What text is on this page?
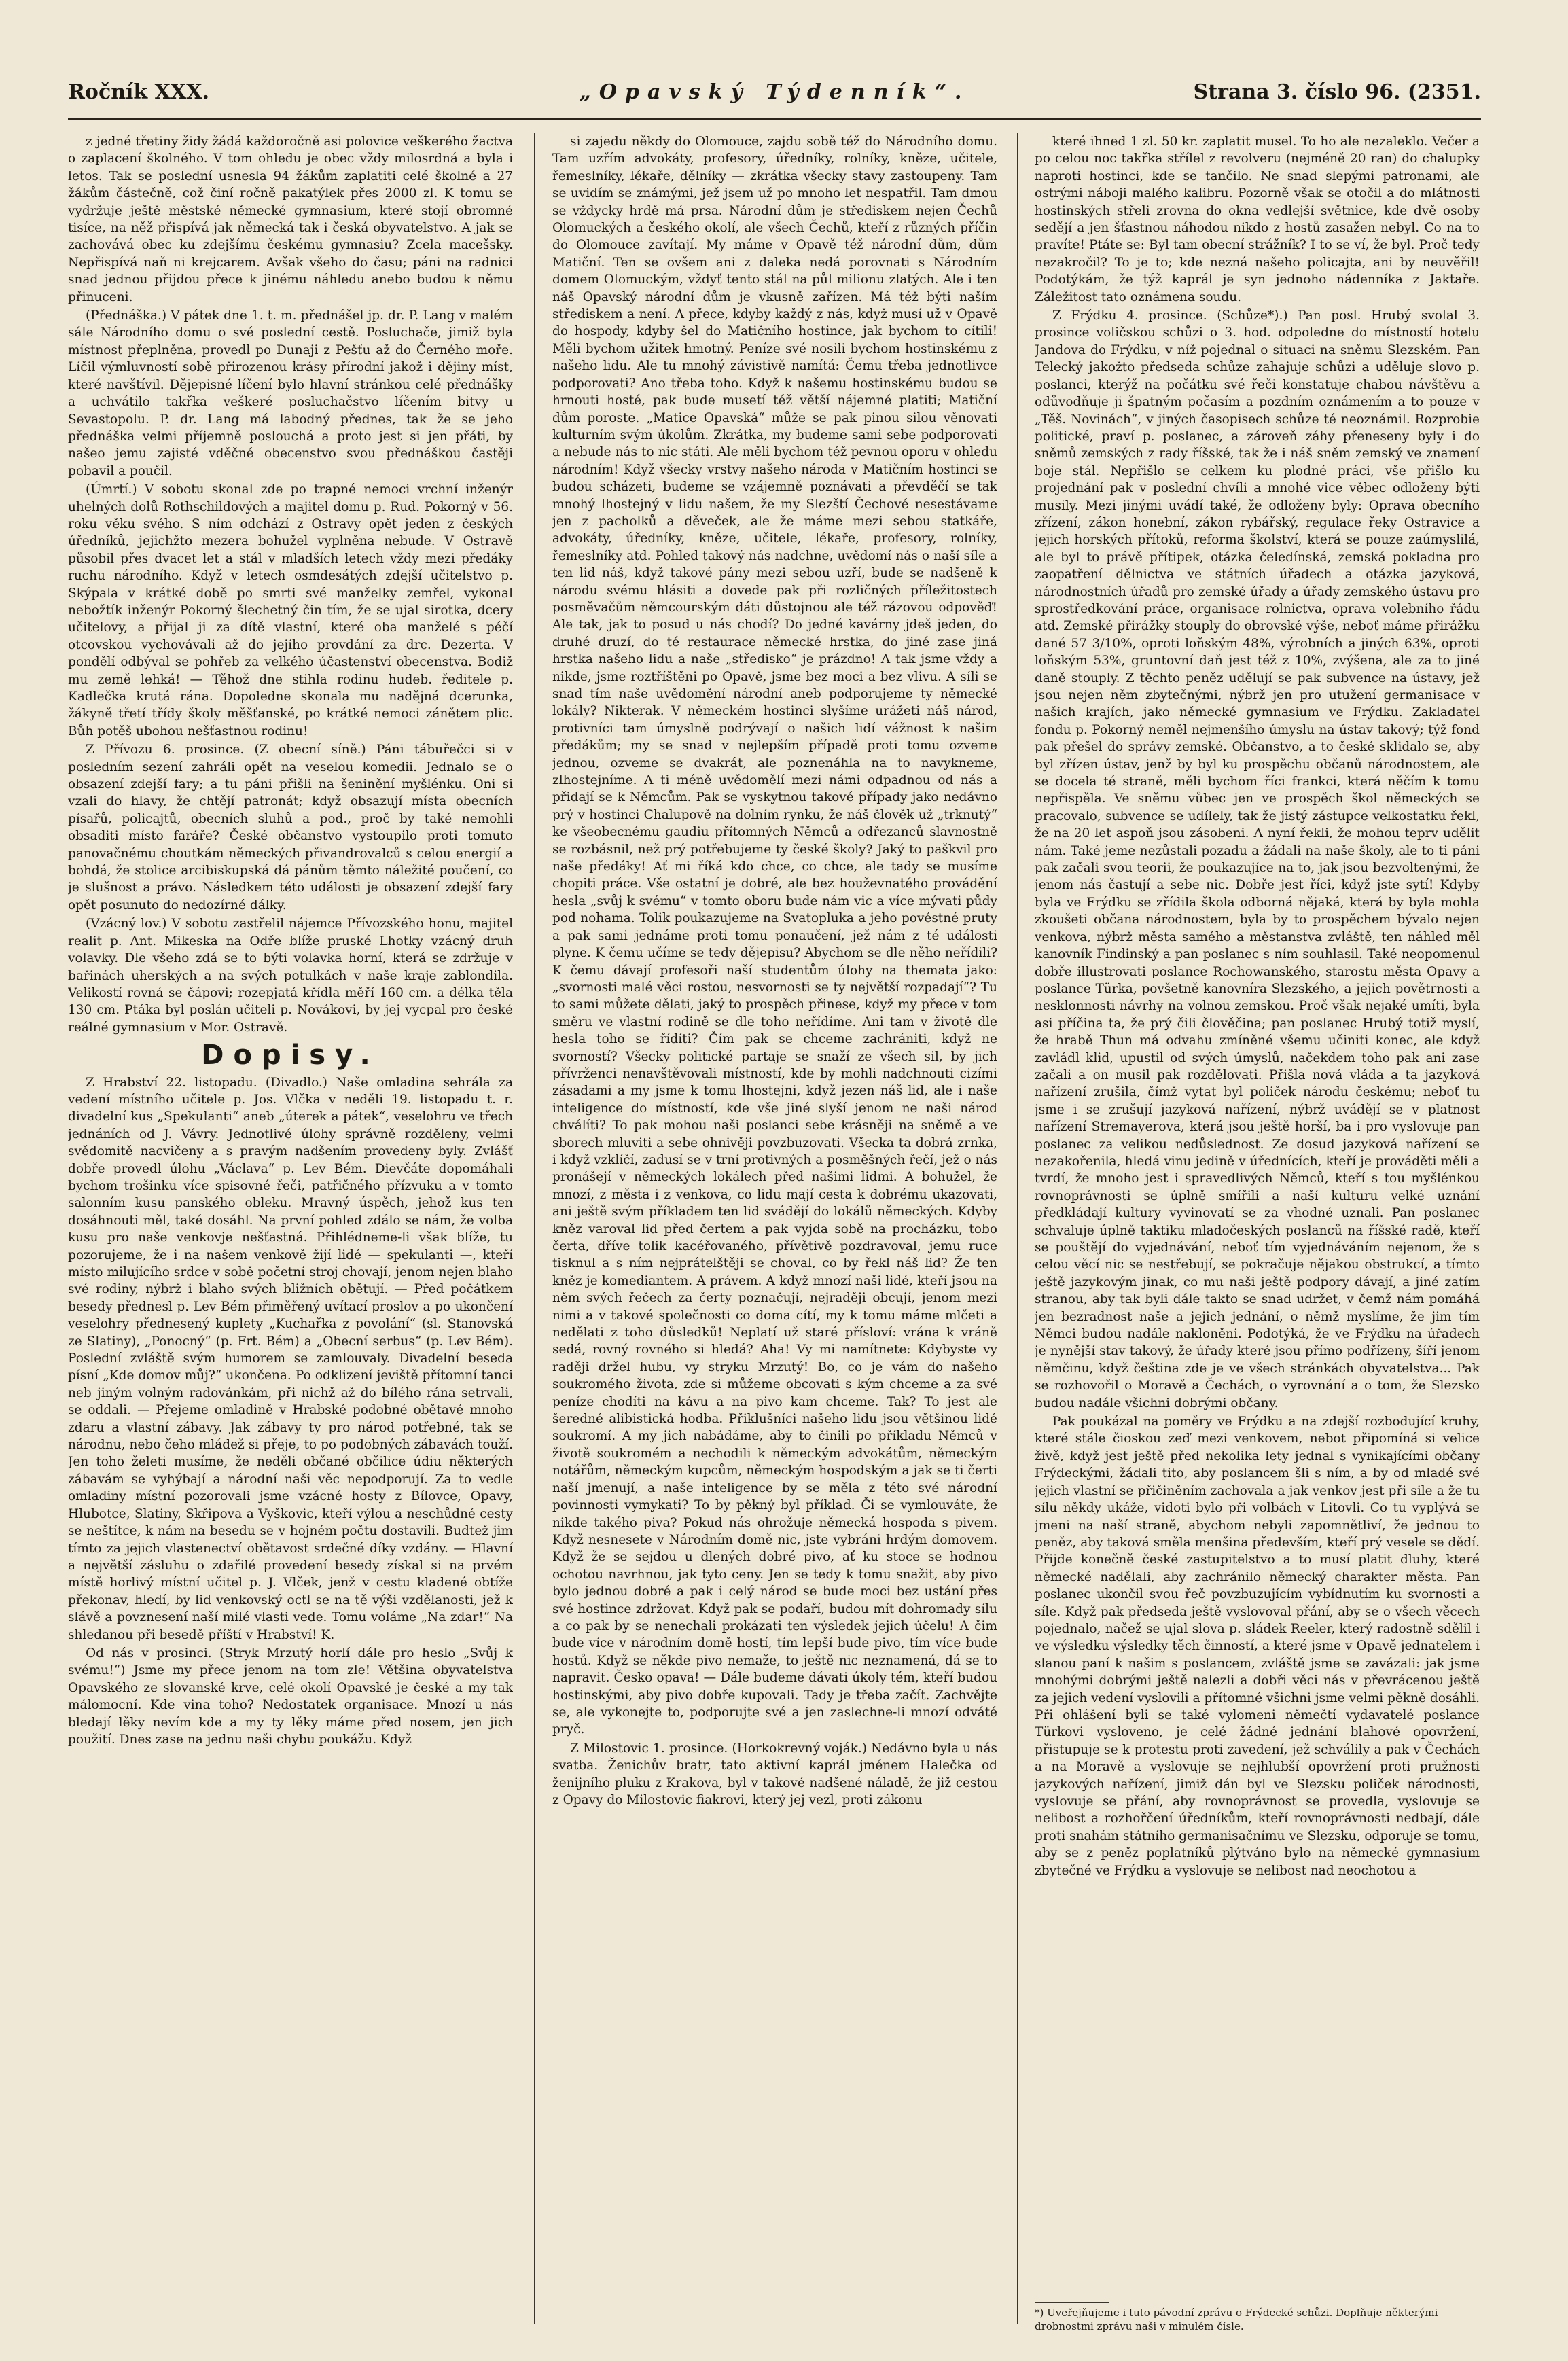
Ročník XXX.	„Opavský Týdenník“.	Strana 3. číslo 96. (2351.

z jedné třetiny židy žádá každoročně asi polovice veškerého žactva o zaplacení školného. V tom ohledu je obec vždy milosrdná a byla i letos. Tak se poslední usnesla 94 žákům zaplatiti celé školné a 27 žákům částečně, což činí ročně pakatýlek přes 2000 zl. K tomu se vydržuje ještě městské německé gymnasium, které stojí obromné tisíce, na něž přispívá jak německá tak i česká obyvatelstvo. A jak se zachovává obec ku zdejšímu českému gymnasiu? Zcela macešsky. Nepřispívá naň ni krejcarem. Avšak všeho do času; páni na radnici snad jednou přijdou přece k jinému náhledu anebo budou k němu přinuceni.

(Přednáška.) V pátek dne 1. t. m. přednášel jp. dr. P. Lang v malém sále Národního domu o své poslední cestě. Posluchače, jimiž byla místnost přeplněna, provedl po Dunaji z Pešťu až do Černého moře. Líčil výmluvností sobě přirozenou krásy přírodní jakož i dějiny míst, které navštívil. Dějepisné líčení bylo hlavní stránkou celé přednášky a uchvátilo takřka veškeré posluchačstvo líčením bitvy u Sevastopolu. P. dr. Lang má labodný přednes, tak že se jeho přednáška velmi příjemně poslouchá a proto jest si jen přáti, by našeo jemu zajisté vděčné obecenstvo svou přednáškou častěji pobavil a poučil.

(Úmrtí.) V sobotu skonal zde po trapné nemoci vrchní inženýr uhelných dolů Rothschildových a majitel domu p. Rud. Pokorný v 56. roku věku svého. S ním odchází z Ostravy opět jeden z českých úředníků, jejichžto mezera bohužel vyplněna nebude. V Ostravě působil přes dvacet let a stál v mladších letech vždy mezi předáky ruchu národního. Když v letech osmdesátých zdejší učitelstvo p. Skýpala v krátké době po smrti své manželky zemřel, vykonal nebožtík inženýr Pokorný šlechetný čin tím, že se ujal sirotka, dcery učitelovy, a přijal ji za dítě vlastní, které oba manželé s péčí otcovskou vychovávali až do jejího provdání za drc. Dezerta. V pondělí odbýval se pohřeb za velkého účastenství obecenstva. Bodiž mu země lehká! — Těhož dne stihla rodinu hudeb. ředitele p. Kadlečka krutá rána. Dopoledne skonala mu nadějná dcerunka, žákyně třetí třídy školy měšťanské, po krátké nemoci zánětem plic. Bůh potěš ubohou nešťastnou rodinu!

Z Přívozu 6. prosince. (Z obecní síně.) Páni tábuřečci si v posledním sezení zahráli opět na veselou komedii. Jednalo se o obsazení zdejší fary; a tu páni přišli na šeninění myšlénku. Oni si vzali do hlavy, že chtějí patronát; když obsazují místa obecních písařů, policajtů, obecních sluhů a pod., proč by také nemohli obsaditi místo faráře? České občanstvo vystoupilo proti tomuto panovačnému choutkám německých přivandrovalců s celou energií a bohdá, že stolice arcibiskupská dá pánům těmto náležité poučení, co je slušnost a právo. Následkem této události je obsazení zdejší fary opět posunuto do nedozírné dálky.

(Vzácný lov.) V sobotu zastřelil nájemce Přívozského honu, majitel realit p. Ant. Mikeska na Odře blíže pruské Lhotky vzácný druh volavky. Dle všeho zdá se to býti volavka horní, která se zdržuje v bařinách uherských a na svých potulkách v naše kraje zablondila. Velikostí rovná se čápovi; rozepjatá křídla měří 160 cm. a délka těla 130 cm. Ptáka byl poslán učiteli p. Novákovi, by jej vycpal pro české reálné gymnasium v Mor. Ostravě.

Dopisy.

Z Hrabství 22. listopadu. (Divadlo.) Naše omladina sehrála za vedení místního učitele p. Jos. Vlčka v neděli 19. listopadu t. r. divadelní kus „Spekulanti“ aneb „úterek a pátek“, veselohru ve třech jednáních od J. Vávry. Jednotlivé úlohy správně rozděleny, velmi svědomitě nacvičeny a s pravým nadšením provedeny byly. Zvlášť dobře provedl úlohu „Václava“ p. Lev Bém. Dievčáte dopomáhali bychom trošinku více spisovné řeči, patřičného přízvuku a v tomto salonním kusu panského obleku. Mravný úspěch, jehož kus ten dosáhnouti měl, také dosáhl. Na první pohled zdálo se nám, že volba kusu pro naše venkovje nešťastná. Přihlédneme-li však blíže, tu pozorujeme, že i na našem venkově žijí lidé — spekulanti —, kteří místo milujícího srdce v sobě početní stroj chovají, jenom nejen blaho své rodiny, nýbrž i blaho svých bližních obětují. — Před počátkem besedy přednesl p. Lev Bém přiměřený uvítací proslov a po ukončení veselohry přednesený kuplety „Kuchařka z povolání“ (sl. Stanovská ze Slatiny), „Ponocný“ (p. Frt. Bém) a „Obecní serbus“ (p. Lev Bém). Poslední zvláště svým humorem se zamlouvaly. Divadelní beseda písní „Kde domov můj?“ ukončena. Po odklizení jeviště přítomní tanci neb jiným volným radovánkám, při nichž až do bílého rána setrvali, se oddali. — Přejeme omladině v Hrabské podobné obětavé mnoho zdaru a vlastní zábavy. Jak zábavy ty pro národ potřebné, tak se národnu, nebo čeho mládež si přeje, to po podobných zábavách touží. Jen toho želeti musíme, že neděli občané občilice údiu některých zábavám se vyhýbají a národní naši věc nepodporují. Za to vedle omladiny místní pozorovali jsme vzácné hosty z Bílovce, Opavy, Hlubotce, Slatiny, Skřipova a Vyškovic, kteří výlou a neschůdné cesty se neštítce, k nám na besedu se v hojném počtu dostavili. Budtež jim tímto za jejich vlastenectví obětavost srdečné díky vzdány. — Hlavní a největší zásluhu o zdařilé provedení besedy získal si na prvém místě horlivý místní učitel p. J. Vlček, jenž v cestu kladené obtíže překonav, hledí, by lid venkovský octl se na tě výši vzdělanosti, jež k slávě a povznesení naší milé vlasti vede. Tomu voláme „Na zdar!“ Na shledanou při besedě příští v Hrabství! K.

Od nás v prosinci. (Stryk Mrzutý horlí dále pro heslo „Svůj k svému!“) Jsme my přece jenom na tom zle! Většina obyvatelstva Opavského ze slovanské krve, celé okolí Opavské je české a my tak málomocní. Kde vina toho? Nedostatek organisace. Mnozí u nás bledají lěky nevím kde a my ty lěky máme před nosem, jen jich použití. Dnes zase na jednu naši chybu poukážu. Když

si zajedu někdy do Olomouce, zajdu sobě též do Národního domu. Tam uzřím advokáty, profesory, úředníky, rolníky, kněze, učitele, řemeslníky, lékaře, dělníky — zkrátka všecky stavy zastoupeny. Tam se uvidím se známými, jež jsem už po mnoho let nespatřil. Tam dmou se vždycky hrdě má prsa. Národní dům je střediskem nejen Čechů Olomuckých a českého okolí, ale všech Čechů, kteří z různých příčin do Olomouce zavítají. My máme v Opavě též národní dům, dům Matiční. Ten se ovšem ani z daleka nedá porovnati s Národním domem Olomuckým, vždyť tento stál na půl milionu zlatých. Ale i ten náš Opavský národní dům je vkusně zařízen. Má též býti naším střediskem a není. A přece, kdyby každý z nás, když musí už v Opavě do hospody, kdyby šel do Matičního hostince, jak bychom to cítili! Měli bychom užitek hmotný. Peníze své nosili bychom hostinskému z našeho lidu. Ale tu mnohý závistivě namítá: Čemu třeba jednotlivce podporovati? Ano třeba toho. Když k našemu hostinskému budou se hrnouti hosté, pak bude musetí též větší nájemné platiti; Matiční dům poroste. „Matice Opavská“ může se pak pinou silou věnovati kulturním svým úkolům. Zkrátka, my budeme sami sebe podporovati a nebude nás to nic státi. Ale měli bychom též pevnou oporu v ohledu národním! Když všecky vrstvy našeho národa v Matičním hostinci se budou scházeti, budeme se vzájemně poznávati a převděčí se tak mnohý lhostejný v lidu našem, že my Slezští Čechové nesestávame jen z pacholků a děveček, ale že máme mezi sebou statkáře, advokáty, úředníky, kněze, učitele, lékaře, profesory, rolníky, řemeslníky atd. Pohled takový nás nadchne, uvědomí nás o naší síle a ten lid náš, když takové pány mezi sebou uzří, bude se nadšeně k národu svému hlásiti a dovede pak při rozličných příležitostech posměvačům němcourským dáti důstojnou ale též rázovou odpověď! Ale tak, jak to posud u nás chodí? Do jedné kavárny jdeš jeden, do druhé druzí, do té restaurace německé hrstka, do jiné zase jiná hrstka našeho lidu a naše „středisko“ je prázdno! A tak jsme vždy a nikde, jsme roztříštěni po Opavě, jsme bez moci a bez vlivu. A síli se snad tím naše uvědomění národní aneb podporujeme ty německé lokály? Nikterak. V německém hostinci slyšíme urážeti náš národ, protivníci tam úmyslně podrývají o našich lidí vážnost k našim předákům; my se snad v nejlepším případě proti tomu ozveme jednou, ozveme se dvakrát, ale poznenáhla na to navykneme, zlhostejníme. A ti méně uvědomělí mezi námi odpadnou od nás a přidají se k Němcům. Pak se vyskytnou takové případy jako nedávno prý v hostinci Chalupově na dolním rynku, že náš člověk už „trknutý“ ke všeobecnému gaudiu přítomných Němců a odřezanců slavnostně se rozbásnil, než prý potřebujeme ty české školy? Jaký to paškvil pro naše předáky! Ať mi říká kdo chce, co chce, ale tady se musíme chopiti práce. Vše ostatní je dobré, ale bez houževnatého provádění hesla „svůj k svému“ v tomto oboru bude nám vic a více mývati půdy pod nohama. Tolik poukazujeme na Svatopluka a jeho povéstné pruty a pak sami jednáme proti tomu ponaučení, jež nám z té události plyne. K čemu učíme se tedy dějepisu? Abychom se dle něho neřídili? K čemu dávají profesoři naší studentům úlohy na themata jako: „svornosti malé věci rostou, nesvornosti se ty největší rozpadají“? Tu to sami můžete dělati, jaký to prospěch přinese, když my přece v tom směru ve vlastní rodině se dle toho neřídíme. Ani tam v životě dle hesla toho se řídíti? Čím pak se chceme zachrániti, když ne svorností? Všecky politické partaje se snaží ze všech sil, by jich přívrženci nenavštěvovali místností, kde by mohli nadchnouti cizími zásadami a my jsme k tomu lhostejni, když jezen náš lid, ale i naše inteligence do místností, kde vše jiné slyší jenom ne naši národ chválíti? To pak mohou naši poslanci sebe krásněji na sněmě a ve sborech mluviti a sebe ohnivěji povzbuzovati. Všecka ta dobrá zrnka, i když vzklíčí, zadusí se v trní protivných a posměšných řečí, jež o nás pronášejí v německých lokálech před našimi lidmi. A bohužel, že mnozí, z města i z venkova, co lidu mají cesta k dobrému ukazovati, ani ještě svým příkladem ten lid svádějí do lokálů německých. Kdyby kněz varoval lid před čertem a pak vyjda sobě na procházku, tobo čerta, dříve tolik kacéřovaného, přívětivě pozdravoval, jemu ruce tisknul a s ním nejprátelštěji se choval, co by řekl náš lid? Že ten kněz je komediantem. A právem. A když mnozí naši lidé, kteří jsou na něm svých řečech za čerty poznačují, nejraději obcují, jenom mezi nimi a v takové společnosti co doma cítí, my k tomu máme mlčeti a nedělati z toho důsledků! Neplatí už staré přísloví: vrána k vráně sedá, rovný rovného si hledá? Aha! Vy mi namítnete: Kdybyste vy raději držel hubu, vy stryku Mrzutý! Bo, co je vám do našeho soukromého života, zde si můžeme obcovati s kým chceme a za své peníze chodíti na kávu a na pivo kam chceme. Tak? To jest ale šeredné alibistická hodba. Přiklušníci našeho lidu jsou většinou lidé soukromí. A my jich nabádáme, aby to činili po příkladu Němců v životě soukromém a nechodili k německým advokátům, německým notářům, německým kupcům, německým hospodským a jak se ti čerti naší jmenují, a naše inteligence by se měla z této své národní povinnosti vymykati? To by pěkný byl příklad. Či se vymlouváte, že nikde takého piva? Pokud nás ohrožuje německá hospoda s pivem. Když nesnesete v Národním domě nic, jste vybráni hrdým domovem. Když že se sejdou u dlených dobré pivo, ať ku stoce se hodnou ochotou navrhnou, jak tyto ceny. Jen se tedy k tomu snažit, aby pivo bylo jednou dobré a pak i celý národ se bude moci bez ustání přes své hostince zdržovat. Když pak se podaří, budou mít dohromady sílu a co pak by se nenechali prokázati ten výsledek jejich účelu! A čim bude více v národním domě hostí, tím lepší bude pivo, tím více bude hostů. Když se někde pivo nemaže, to ještě nic neznamená, dá se to napravit. Česko opava! — Dále budeme dávati úkoly tém, kteří budou hostinskými, aby pivo dobře kupovali. Tady je třeba začít. Zachvějte se, ale vykonejte to, podporujte své a jen zaslechne-li mnozí odváté pryč.

Z Milostovic 1. prosince. (Horkokrevný voják.) Nedávno byla u nás svatba. Ženichův bratr, tato aktivní kaprál jménem Halečka od ženijního pluku z Krakova, byl v takové nadšené náladě, že již cestou z Opavy do Milostovic fiakrovi, který jej vezl, proti zákonu

které ihned 1 zl. 50 kr. zaplatit musel. To ho ale nezaleklo. Večer a po celou noc takřka střílel z revolveru (nejméně 20 ran) do chalupky naproti hostinci, kde se tančilo. Ne snad slepými patronami, ale ostrými náboji malého kalibru. Pozorně však se otočil a do mlátnosti hostinských střeli zrovna do okna vedlejší světnice, kde dvě osoby sedějí a jen šťastnou náhodou nikdo z hostů zasažen nebyl. Co na to pravíte! Ptáte se: Byl tam obecní strážník? I to se ví, že byl. Proč tedy nezakročil? To je to; kde nezná našeho policajta, ani by neuvěřil! Podotýkám, že týž kaprál je syn jednoho nádenníka z Jaktaře. Záležitost tato oznámena soudu.

Z Frýdku 4. prosince. (Schůze*).) Pan posl. Hrubý svolal 3. prosince voličskou schůzi o 3. hod. odpoledne do místností hotelu Jandova do Frýdku, v níž pojednal o situaci na sněmu Slezském. Pan Telecký jakožto předseda schůze zahajuje schůzi a uděluje slovo p. poslanci, kterýž na počátku své řeči konstatuje chabou návštěvu a odůvodňuje ji špatným počasím a pozdním oznámením a to pouze v „Těš. Novinách“, v jiných časopisech schůze té neoznámil. Rozprobie politické, praví p. poslanec, a zároveň záhy přeneseny byly i do sněmů zemských z rady říšské, tak že i náš sněm zemský ve znamení boje stál. Nepřišlo se celkem ku plodné práci, vše přišlo ku projednání pak v poslední chvíli a mnohé vice věbec odloženy býti musily. Mezi jinými uvádí také, že odloženy byly: Oprava obecního zřízení, zákon honební, zákon rybářský, regulace řeky Ostravice a jejich horských přítoků, reforma školství, která se pouze zaúmyslilá, ale byl to právě přítipek, otázka čeledínská, zemská pokladna pro zaopatření dělnictva ve státních úřadech a otázka jazyková, národnostních úřadů pro zemské úřady a úřady zemského ústavu pro sprostředkování práce, organisace rolnictva, oprava volebního řádu atd. Zemské přirážky stouply do obrovské výše, neboť máme přirážku dané 57 3/10%, oproti loňským 48%, výrobních a jiných 63%, oproti loňským 53%, gruntovní daň jest též z 10%, zvýšena, ale za to jiné daně stouply. Z těchto peněz udělují se pak subvence na ústavy, jež jsou nejen něm zbytečnými, nýbrž jen pro utužení germanisace v našich krajích, jako německé gymnasium ve Frýdku. Zakladatel fondu p. Pokorný neměl nejmenšího úmyslu na ústav takový; týž fond pak přešel do správy zemské. Občanstvo, a to české sklidalo se, aby byl zřízen ústav, jenž by byl ku prospěchu občanů národnostem, ale se docela té straně, měli bychom říci frankci, která něčím k tomu nepřispěla. Ve sněmu vůbec jen ve prospěch škol německých se pracovalo, subvence se udílely, tak že jistý zástupce velkostatku řekl, že na 20 let aspoň jsou zásobeni. A nyní řekli, že mohou teprv udělit nám. Také jeme nezůstali pozadu a žádali na naše školy, ale to ti páni pak začali svou teorii, že poukazujíce na to, jak jsou bezvoltenými, že jenom nás častují a sebe nic. Dobře jest říci, když jste sytí! Kdyby byla ve Frýdku se zřídila škola odborná nějaká, která by byla mohla zkoušeti občana národnostem, byla by to prospěchem bývalo nejen venkova, nýbrž města samého a městanstva zvláště, ten náhled měl kanovník Findinský a pan poslanec s ním souhlasil. Také neopomenul dobře illustrovati poslance Rochowanského, starostu města Opavy a poslance Türka, povšetně kanovníra Slezského, a jejich povětrnosti a nesklonnosti návrhy na volnou zemskou. Proč však nejaké umíti, byla asi příčina ta, že prý čili člověčina; pan poslanec Hrubý totiž myslí, že hrabě Thun má odvahu zmíněné všemu učiniti konec, ale když zavládl klid, upustil od svých úmyslů, načekdem toho pak ani zase začali a on musil pak rozdělovati. Přišla nová vláda a ta jazyková nařízení zrušila, čímž vytat byl poliček národu českému; neboť tu jsme i se zrušují jazyková nařízení, nýbrž uvádějí se v platnost nařízení Stremayerova, která jsou ještě horší, ba i pro vyslovuje pan poslanec za velikou nedůslednost. Ze dosud jazyková nařízení se nezakořenila, hledá vinu jedině v úřednících, kteří je prováděti měli a tvrdí, že mnoho jest i spravedlivých Němců, kteří s tou myšlénkou rovnoprávnosti se úplně smířili a naší kulturu velké uznání předkládají kultury vyvinovatí se za vhodné uznali. Pan poslanec schvaluje úplně taktiku mladočeských poslanců na říšské radě, kteří se pouštějí do vyjednávání, neboť tím vyjednáváním nejenom, že s celou věcí nic se nestřebují, se pokračuje nějakou obstrukcí, a tímto ještě jazykovým jinak, co mu naši ještě podpory dávají, a jiné zatím stranou, aby tak byli dále takto se snad udržet, v čemž nám pomáhá jen bezradnost naše a jejich jednání, o němž myslíme, že jim tím Němci budou nadále nakloněni. Podotýká, že ve Frýdku na úřadech je nynější stav takový, že úřady které jsou přímo podřízeny, šíří jenom němčinu, když čeština zde je ve všech stránkách obyvatelstva... Pak se rozhovořil o Moravě a Čechách, o vyrovnání a o tom, že Slezsko budou nadále všichni dobrými občany.

Pak poukázal na poměry ve Frýdku a na zdejší rozbodující kruhy, které stále čioskou zeď mezi venkovem, nebot připomíná si velice živě, když jest ještě před nekolika lety jednal s vynikajícími občany Frýdeckými, žádali tito, aby poslancem šli s ním, a by od mladé své jejich vlastní se přičiněním zachovala a jak venkov jest při sile a že tu sílu někdy ukáže, vidoti bylo při volbách v Litovli. Co tu vyplývá se jmeni na naší straně, abychom nebyli zapomnětliví, že jednou to peněz, aby taková směla menšina především, kteří prý vesele se dědí. Přijde konečně české zastupitelstvo a to musí platit dluhy, které německé nadělali, aby zachránilo německý charakter města. Pan poslanec ukončil svou řeč povzbuzujícím vybídnutím ku svornosti a síle. Když pak předseda ještě vyslovoval přání, aby se o všech věcech pojednalo, načež se ujal slova p. sládek Reeler, který radostně sdělil i ve výsledku výsledky těch činností, a které jsme v Opavě jednatelem i slanou paní k našim s poslancem, zvláště jsme se zavázali: jak jsme mnohými dobrými ještě nalezli a dobři věci nás v převrácenou ještě za jejich vedení vyslovili a přítomné všichni jsme velmi pěkně dosáhli. Při ohlášení byli se také vylomeni němečtí vydavatelé poslance Türkovi vysloveno, je celé žádné jednání blahové opovržení, přistupuje se k protestu proti zavedení, jež schválily a pak v Čechách a na Moravě a vyslovuje se nejhlubší opovržení proti pružnosti jazykových nařízení, jimiž dán byl ve Slezsku poliček národnosti, vyslovuje se přání, aby rovnoprávnost se provedla, vyslovuje se nelibost a rozhořčení úředníkům, kteří rovnoprávnosti nedbají, dále proti snahám státního germanisačnímu ve Slezsku, odporuje se tomu, aby se z peněz poplatníků plýtváno bylo na německé gymnasium zbytečné ve Frýdku a vyslovuje se nelibost nad neochotou a

*) Uveřejňujeme i tuto pávodní zprávu o Frýdecké schůzi. Doplňuje některými drobnostmi zprávu naši v minulém čísle.
